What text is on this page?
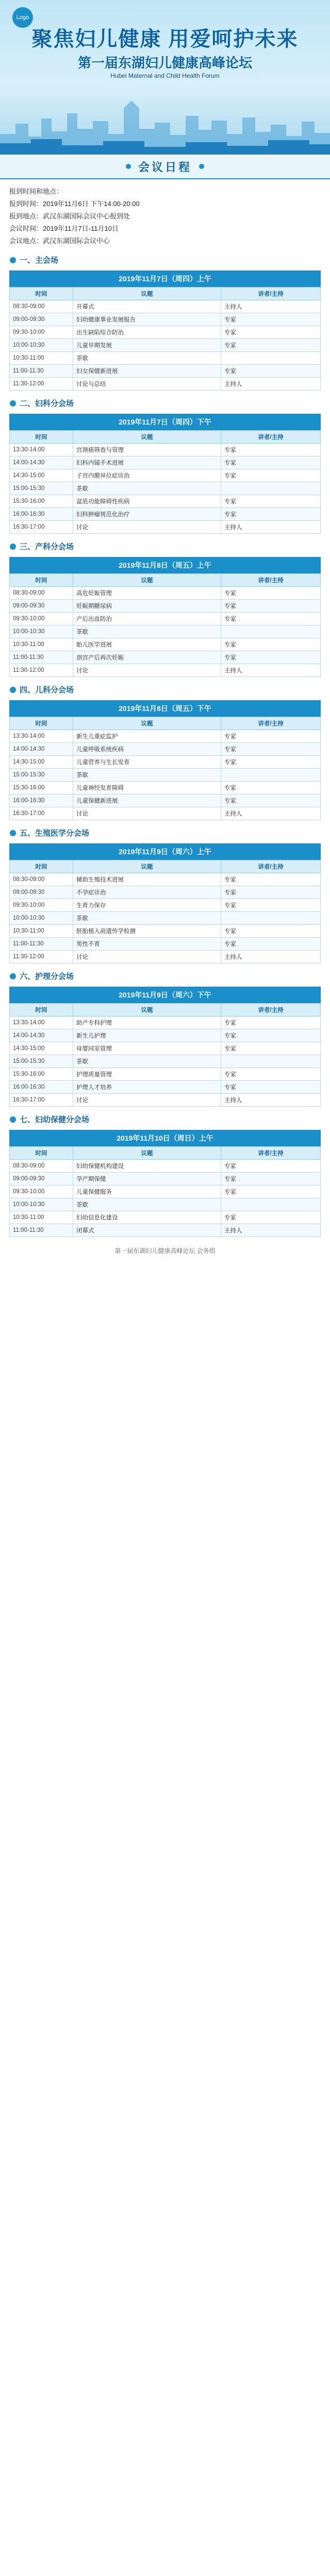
Logo
聚焦妇儿健康 用爱呵护未来
第一届东湖妇儿健康高峰论坛
Hubei Maternal and Child Health Forum
会议日程

报到时间和地点：

报到时间：2019年11月6日 下午14:00-20:00

报到地点：武汉东湖国际会议中心报到处

会议时间：2019年11月7日-11月10日

会议地点：武汉东湖国际会议中心

一、主会场
2019年11月7日（周四）上午
时间	议题	讲者/主持
08:30-09:00	开幕式	主持人
09:00-09:30	妇幼健康事业发展报告	专家
09:30-10:00	出生缺陷综合防治	专家
10:00-10:30	儿童早期发展	专家
10:30-11:00	茶歇	
11:00-11:30	妇女保健新进展	专家
11:30-12:00	讨论与总结	主持人
二、妇科分会场
2019年11月7日（周四）下午
时间	议题	讲者/主持
13:30-14:00	宫颈癌筛查与管理	专家
14:00-14:30	妇科内镜手术进展	专家
14:30-15:00	子宫内膜异位症诊治	专家
15:00-15:30	茶歇	
15:30-16:00	盆底功能障碍性疾病	专家
16:00-16:30	妇科肿瘤规范化治疗	专家
16:30-17:00	讨论	主持人
三、产科分会场
2019年11月8日（周五）上午
时间	议题	讲者/主持
08:30-09:00	高危妊娠管理	专家
09:00-09:30	妊娠期糖尿病	专家
09:30-10:00	产后出血防治	专家
10:00-10:30	茶歇	
10:30-11:00	胎儿医学进展	专家
11:00-11:30	剖宫产后再次妊娠	专家
11:30-12:00	讨论	主持人
四、儿科分会场
2019年11月8日（周五）下午
时间	议题	讲者/主持
13:30-14:00	新生儿重症监护	专家
14:00-14:30	儿童呼吸系统疾病	专家
14:30-15:00	儿童营养与生长发育	专家
15:00-15:30	茶歇	
15:30-16:00	儿童神经发育障碍	专家
16:00-16:30	儿童保健新进展	专家
16:30-17:00	讨论	主持人
五、生殖医学分会场
2019年11月9日（周六）上午
时间	议题	讲者/主持
08:30-09:00	辅助生殖技术进展	专家
09:00-09:30	不孕症诊治	专家
09:30-10:00	生育力保存	专家
10:00-10:30	茶歇	
10:30-11:00	胚胎植入前遗传学检测	专家
11:00-11:30	男性不育	专家
11:30-12:00	讨论	主持人
六、护理分会场
2019年11月9日（周六）下午
时间	议题	讲者/主持
13:30-14:00	助产专科护理	专家
14:00-14:30	新生儿护理	专家
14:30-15:00	母婴同室管理	专家
15:00-15:30	茶歇	
15:30-16:00	护理质量管理	专家
16:00-16:30	护理人才培养	专家
16:30-17:00	讨论	主持人
七、妇幼保健分会场
2019年11月10日（周日）上午
时间	议题	讲者/主持
08:30-09:00	妇幼保健机构建设	专家
09:00-09:30	孕产期保健	专家
09:30-10:00	儿童保健服务	专家
10:00-10:30	茶歇	
10:30-11:00	妇幼信息化建设	专家
11:00-11:30	闭幕式	主持人
第一届东湖妇儿健康高峰论坛 会务组
